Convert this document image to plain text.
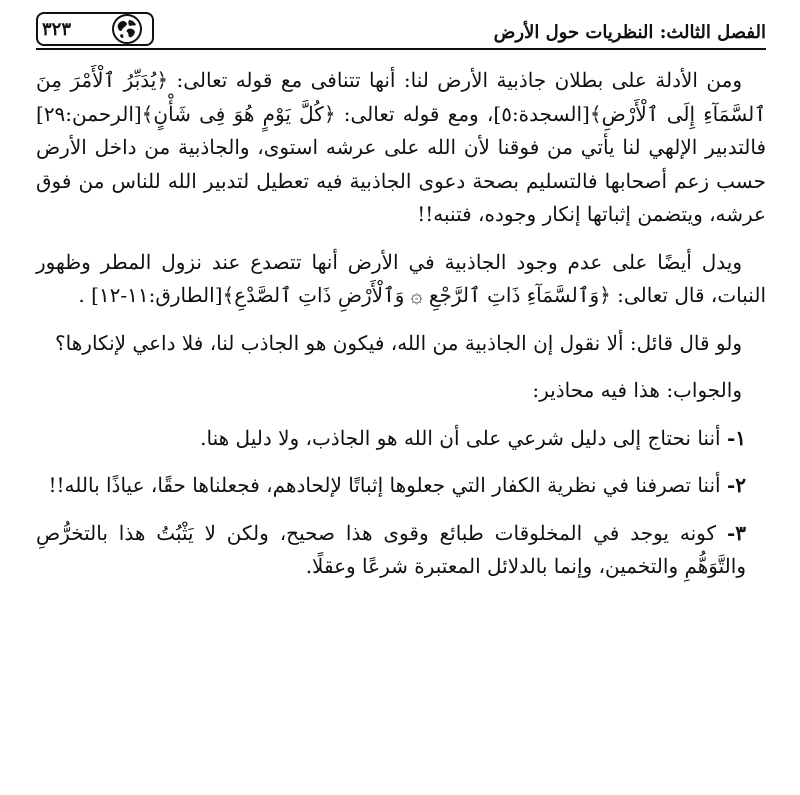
الفصل الثالث: النظريات حول الأرض
٣٢٣

ومن الأدلة على بطلان جاذبية الأرض لنا: أنها تتنافى مع قوله تعالى: ﴿يُدَبِّرُ ٱلْأَمْرَ مِنَ ٱلسَّمَآءِ إِلَى ٱلْأَرْضِ﴾[السجدة:٥]، ومع قوله تعالى: ﴿كُلَّ يَوْمٍ هُوَ فِى شَأْنٍ﴾[الرحمن:٢٩] فالتدبير الإلهي لنا يأتي من فوقنا لأن الله على عرشه استوى، والجاذبية من داخل الأرض حسب زعم أصحابها فالتسليم بصحة دعوى الجاذبية فيه تعطيل لتدبير الله للناس من فوق عرشه، ويتضمن إثباتها إنكار وجوده، فتنبه!!

ويدل أيضًا على عدم وجود الجاذبية في الأرض أنها تتصدع عند نزول المطر وظهور النبات، قال تعالى: ﴿وَٱلسَّمَآءِ ذَاتِ ٱلرَّجْعِ ۞ وَٱلْأَرْضِ ذَاتِ ٱلصَّدْعِ﴾[الطارق:١١-١٢] .

ولو قال قائل: ألا نقول إن الجاذبية من الله، فيكون هو الجاذب لنا، فلا داعي لإنكارها؟

والجواب: هذا فيه محاذير:

١- أننا نحتاج إلى دليل شرعي على أن الله هو الجاذب، ولا دليل هنا.

٢- أننا تصرفنا في نظرية الكفار التي جعلوها إثباتًا لإلحادهم، فجعلناها حقًا، عياذًا بالله!!

٣- كونه يوجد في المخلوقات طبائع وقوى هذا صحيح، ولكن لا يَثْبُتُ هذا بالتخرُّصِ والتَّوَهُّمِ والتخمين، وإنما بالدلائل المعتبرة شرعًا وعقلًا.
